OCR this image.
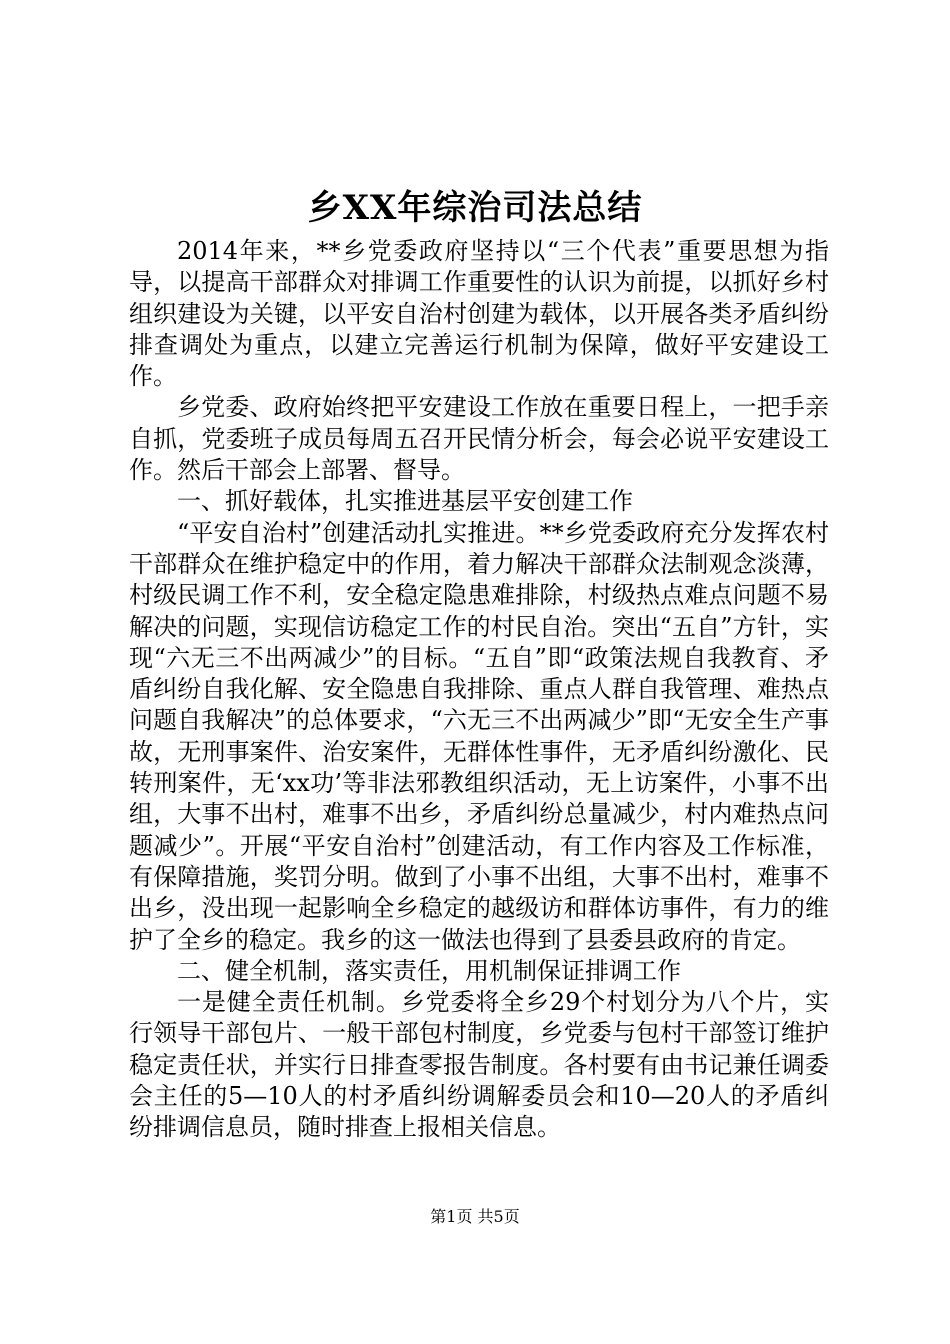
乡XX年综治司法总结

2014年来，**乡党委政府坚持以“三个代表”重要思想为指导，以提高干部群众对排调工作重要性的认识为前提，以抓好乡村组织建设为关键，以平安自治村创建为载体，以开展各类矛盾纠纷排查调处为重点，以建立完善运行机制为保障，做好平安建设工作。

乡党委、政府始终把平安建设工作放在重要日程上，一把手亲自抓，党委班子成员每周五召开民情分析会，每会必说平安建设工作。然后干部会上部署、督导。

一、抓好载体，扎实推进基层平安创建工作

“平安自治村”创建活动扎实推进。**乡党委政府充分发挥农村干部群众在维护稳定中的作用，着力解决干部群众法制观念淡薄，村级民调工作不利，安全稳定隐患难排除，村级热点难点问题不易解决的问题，实现信访稳定工作的村民自治。突出“五自”方针，实现“六无三不出两减少”的目标。“五自”即“政策法规自我教育、矛盾纠纷自我化解、安全隐患自我排除、重点人群自我管理、难热点问题自我解决”的总体要求，“六无三不出两减少”即“无安全生产事故，无刑事案件、治安案件，无群体性事件，无矛盾纠纷激化、民转刑案件，无‘xx功’等非法邪教组织活动，无上访案件，小事不出组，大事不出村，难事不出乡，矛盾纠纷总量减少，村内难热点问题减少”。开展“平安自治村”创建活动，有工作内容及工作标准，有保障措施，奖罚分明。做到了小事不出组，大事不出村，难事不出乡，没出现一起影响全乡稳定的越级访和群体访事件，有力的维护了全乡的稳定。我乡的这一做法也得到了县委县政府的肯定。

二、健全机制，落实责任，用机制保证排调工作

一是健全责任机制。乡党委将全乡29个村划分为八个片，实行领导干部包片、一般干部包村制度，乡党委与包村干部签订维护稳定责任状，并实行日排查零报告制度。各村要有由书记兼任调委会主任的5—10人的村矛盾纠纷调解委员会和10—20人的矛盾纠纷排调信息员，随时排查上报相关信息。

第1页 共5页
